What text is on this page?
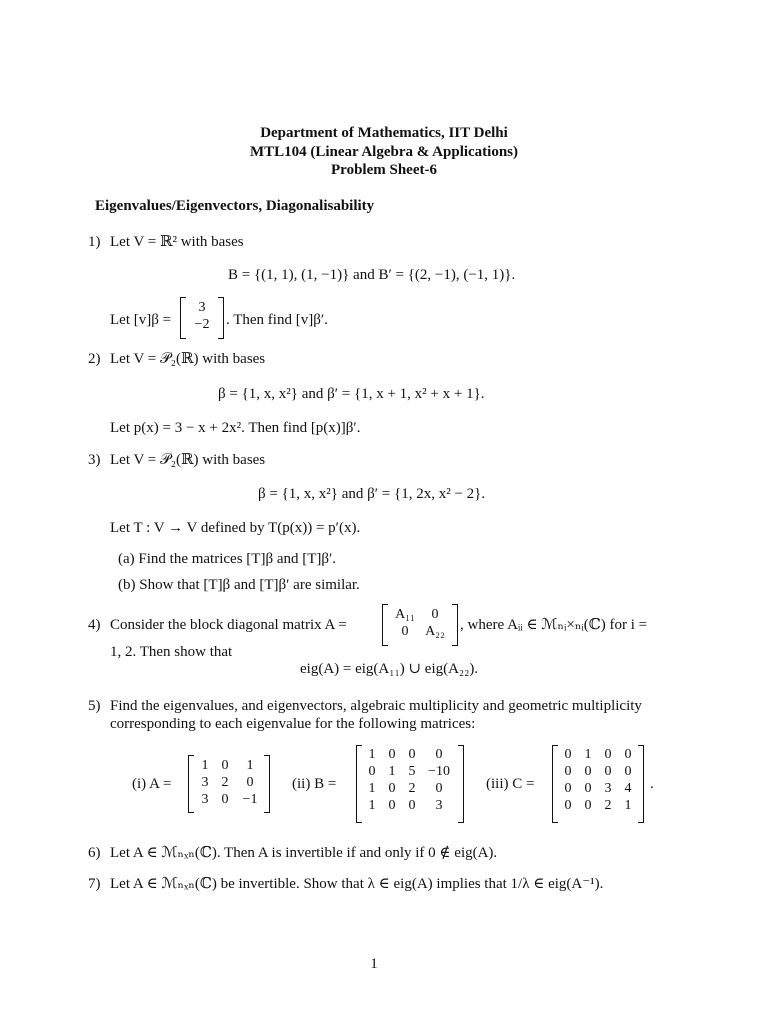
Department of Mathematics, IIT Delhi
MTL104 (Linear Algebra & Applications)
Problem Sheet-6
Eigenvalues/Eigenvectors, Diagonalisability
1) Let V = ℝ² with bases
B = {(1, 1), (1, −1)} and B′ = {(2, −1), (−1, 1)}.
Let [v]β =
3
−2	. Then find [v]β′.
2) Let V = 𝒫₂(ℝ) with bases
β = {1, x, x²} and β′ = {1, x + 1, x² + x + 1}.
Let p(x) = 3 − x + 2x². Then find [p(x)]β′.
3) Let V = 𝒫₂(ℝ) with bases
β = {1, x, x²} and β′ = {1, 2x, x² − 2}.
Let T : V → V defined by T(p(x)) = p′(x).
(a) Find the matrices [T]β and [T]β′.
(b) Show that [T]β and [T]β′ are similar.
4) Consider the block diagonal matrix A =
A₁₁	0
0	A₂₂	, where Aᵢᵢ ∈ ℳₙᵢ×ₙᵢ(ℂ) for i =
1, 2. Then show that
eig(A) = eig(A₁₁) ∪ eig(A₂₂).
5) Find the eigenvalues, and eigenvectors, algebraic multiplicity and geometric multiplicity
corresponding to each eigenvalue for the following matrices:
(i) A =
1 0	1
3 2	0
3 0	−1
(ii) B =
1 0 0	0
0 1 5 −10
1 0 2	0
1 0 0	3
(iii) C =
0 1 0 0
0 0 0 0
0 0 3 4
0 0 2 1
.
6) Let A ∈ ℳₙₓₙ(ℂ). Then A is invertible if and only if 0 ∉ eig(A).
7) Let A ∈ ℳₙₓₙ(ℂ) be invertible. Show that λ ∈ eig(A) implies that 1/λ ∈ eig(A⁻¹).
1
